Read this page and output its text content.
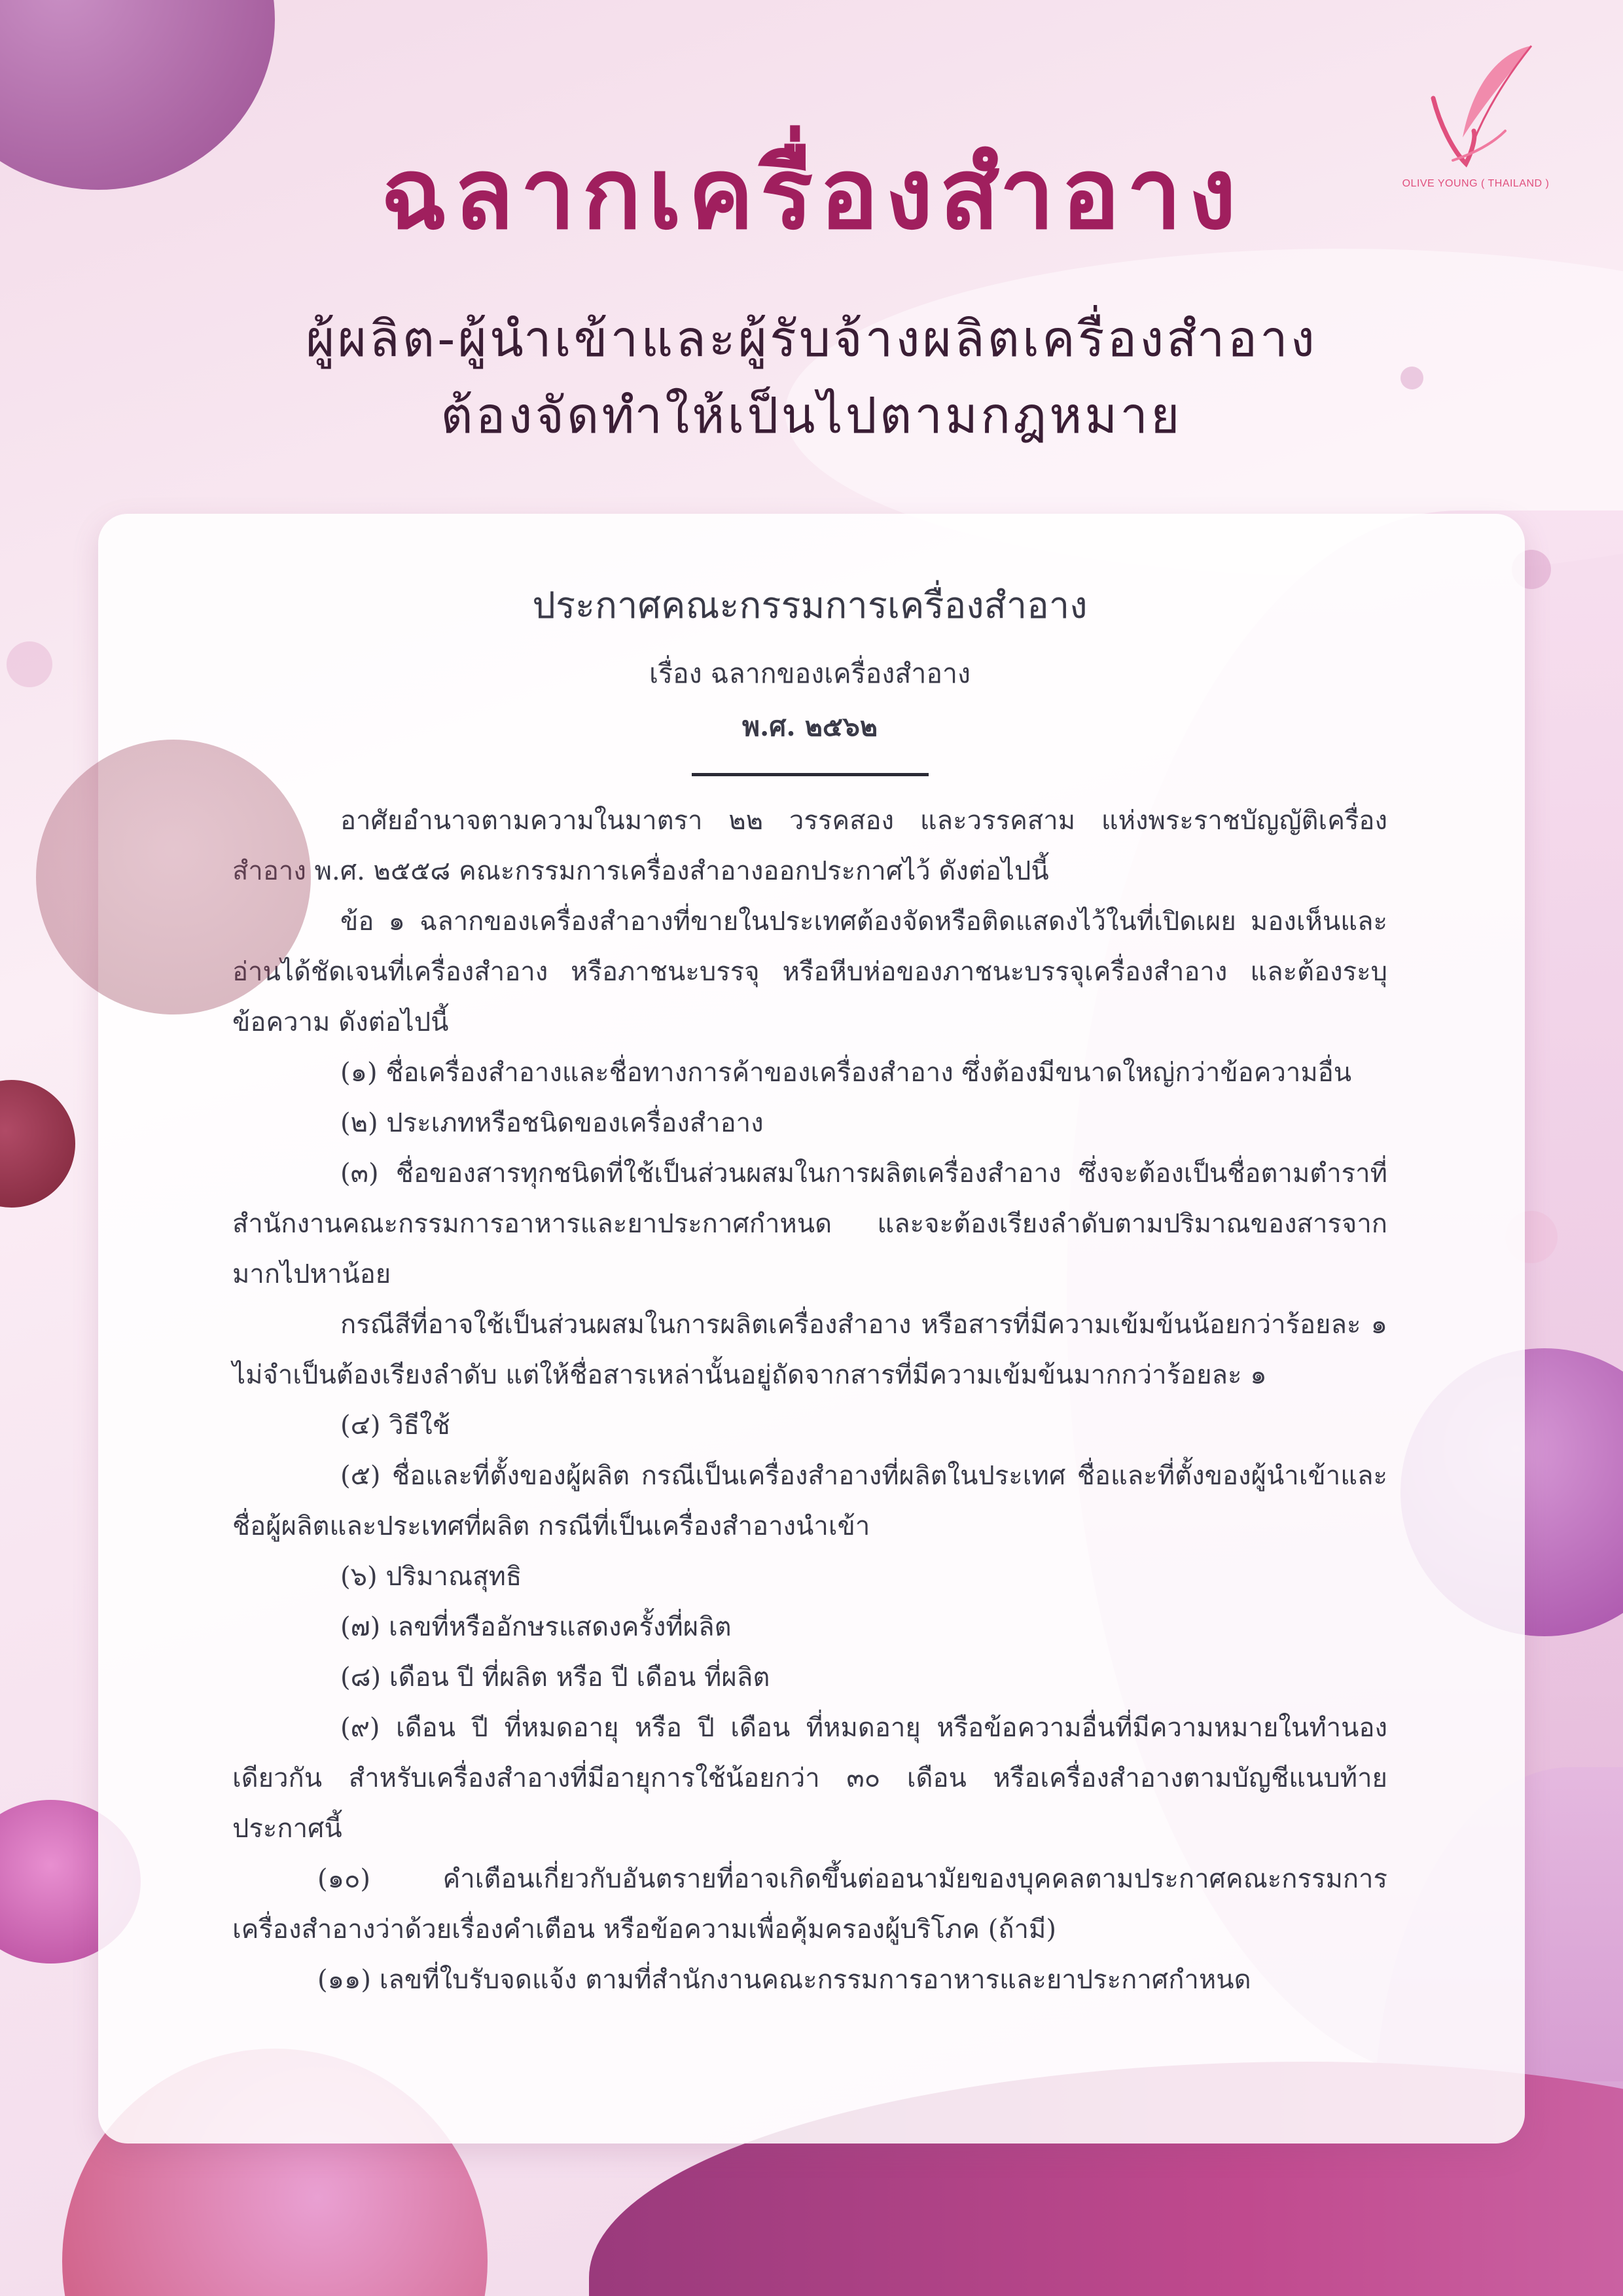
OLIVE YOUNG ( THAILAND )
ฉลากเครื่องสำอาง
ผู้ผลิต-ผู้นำเข้าและผู้รับจ้างผลิตเครื่องสำอาง
ต้องจัดทำให้เป็นไปตามกฎหมาย
ประกาศคณะกรรมการเครื่องสำอาง
เรื่อง ฉลากของเครื่องสำอาง
พ.ศ. ๒๕๖๒

อาศัยอำนาจตามความในมาตรา ๒๒ วรรคสอง และวรรคสาม แห่งพระราชบัญญัติเครื่องสำอาง พ.ศ. ๒๕๕๘ คณะกรรมการเครื่องสำอางออกประกาศไว้ ดังต่อไปนี้

ข้อ ๑ ฉลากของเครื่องสำอางที่ขายในประเทศต้องจัดหรือติดแสดงไว้ในที่เปิดเผย มองเห็นและอ่านได้ชัดเจนที่เครื่องสำอาง หรือภาชนะบรรจุ หรือหีบห่อของภาชนะบรรจุเครื่องสำอาง และต้องระบุข้อความ ดังต่อไปนี้

(๑) ชื่อเครื่องสำอางและชื่อทางการค้าของเครื่องสำอาง ซึ่งต้องมีขนาดใหญ่กว่าข้อความอื่น
(๒) ประเภทหรือชนิดของเครื่องสำอาง

(๓) ชื่อของสารทุกชนิดที่ใช้เป็นส่วนผสมในการผลิตเครื่องสำอาง ซึ่งจะต้องเป็นชื่อตามตำราที่สำนักงานคณะกรรมการอาหารและยาประกาศกำหนด และจะต้องเรียงลำดับตามปริมาณของสารจากมากไปหาน้อย

กรณีสีที่อาจใช้เป็นส่วนผสมในการผลิตเครื่องสำอาง หรือสารที่มีความเข้มข้นน้อยกว่าร้อยละ ๑ ไม่จำเป็นต้องเรียงลำดับ แต่ให้ชื่อสารเหล่านั้นอยู่ถัดจากสารที่มีความเข้มข้นมากกว่าร้อยละ ๑

(๔) วิธีใช้

(๕) ชื่อและที่ตั้งของผู้ผลิต กรณีเป็นเครื่องสำอางที่ผลิตในประเทศ ชื่อและที่ตั้งของผู้นำเข้าและชื่อผู้ผลิตและประเทศที่ผลิต กรณีที่เป็นเครื่องสำอางนำเข้า

(๖) ปริมาณสุทธิ
(๗) เลขที่หรืออักษรแสดงครั้งที่ผลิต
(๘) เดือน ปี ที่ผลิต หรือ ปี เดือน ที่ผลิต

(๙) เดือน ปี ที่หมดอายุ หรือ ปี เดือน ที่หมดอายุ หรือข้อความอื่นที่มีความหมายในทำนองเดียวกัน สำหรับเครื่องสำอางที่มีอายุการใช้น้อยกว่า ๓๐ เดือน หรือเครื่องสำอางตามบัญชีแนบท้ายประกาศนี้

(๑๐) คำเตือนเกี่ยวกับอันตรายที่อาจเกิดขึ้นต่ออนามัยของบุคคลตามประกาศคณะกรรมการเครื่องสำอางว่าด้วยเรื่องคำเตือน หรือข้อความเพื่อคุ้มครองผู้บริโภค (ถ้ามี)

(๑๑) เลขที่ใบรับจดแจ้ง ตามที่สำนักงานคณะกรรมการอาหารและยาประกาศกำหนด
